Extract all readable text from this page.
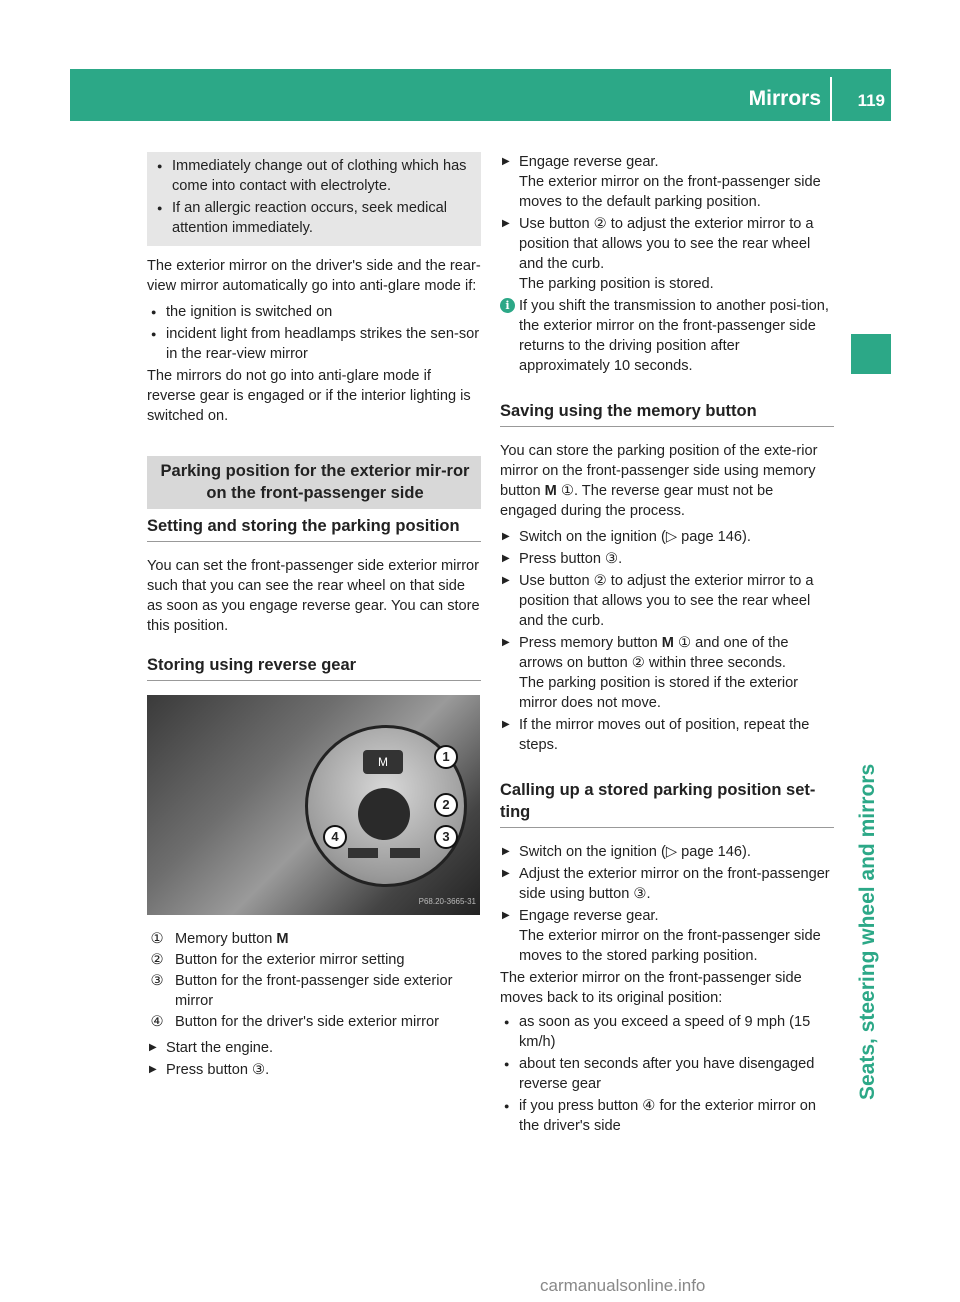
Mirrors 119
Seats, steering wheel and mirrors
● Immediately change out of clothing which has come into contact with electrolyte.
● If an allergic reaction occurs, seek medical attention immediately.

The exterior mirror on the driver's side and the rear-view mirror automatically go into anti-glare mode if:

● the ignition is switched on
● incident light from headlamps strikes the sen-sor in the rear-view mirror

The mirrors do not go into anti-glare mode if reverse gear is engaged or if the interior lighting is switched on.

Parking position for the exterior mir-ror on the front-passenger side
Setting and storing the parking position

You can set the front-passenger side exterior mirror such that you can see the rear wheel on that side as soon as you engage reverse gear. You can store this position.

Storing using reverse gear
M	1
2
3
4
P68.20-3665-31
① Memory button M
② Button for the exterior mirror setting
③ Button for the front-passenger side exterior mirror
④ Button for the driver's side exterior mirror
▶ Start the engine.
▶ Press button ③.
▶ Engage reverse gear.
The exterior mirror on the front-passenger side moves to the default parking position.
▶ Use button ② to adjust the exterior mirror to a position that allows you to see the rear wheel and the curb.
The parking position is stored.
i If you shift the transmission to another posi-tion, the exterior mirror on the front-passenger side returns to the driving position after approximately 10 seconds.
Saving using the memory button

You can store the parking position of the exte-rior mirror on the front-passenger side using memory button M ①. The reverse gear must not be engaged during the process.

▶ Switch on the ignition (▷ page 146).
▶ Press button ③.
▶ Use button ② to adjust the exterior mirror to a position that allows you to see the rear wheel and the curb.
▶ Press memory button M ① and one of the arrows on button ② within three seconds.
The parking position is stored if the exterior mirror does not move.
▶ If the mirror moves out of position, repeat the steps.
Calling up a stored parking position set-ting
▶ Switch on the ignition (▷ page 146).
▶ Adjust the exterior mirror on the front-passenger side using button ③.
▶ Engage reverse gear.
The exterior mirror on the front-passenger side moves to the stored parking position.

The exterior mirror on the front-passenger side moves back to its original position:

● as soon as you exceed a speed of 9 mph (15 km/h)
● about ten seconds after you have disengaged reverse gear
● if you press button ④ for the exterior mirror on the driver's side
carmanualsonline.info
